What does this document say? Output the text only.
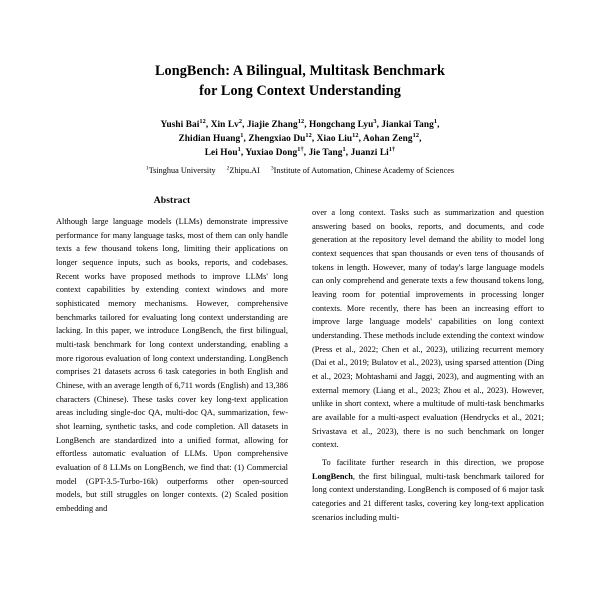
LongBench: A Bilingual, Multitask Benchmark
for Long Context Understanding
Yushi Bai$^{12}$, Xin Lv$^2$, Jiajie Zhang$^{12}$, Hongchang Lyu$^3$, Jiankai Tang$^1$,
Zhidian Huang$^1$, Zhengxiao Du$^{12}$, Xiao Liu$^{12}$, Aohan Zeng$^{12}$,
Lei Hou$^1$, Yuxiao Dong$^{1\dagger}$, Jie Tang$^1$, Juanzi $Li^{1\dagger}$
$^1$Tsinghua University $^2$Zhipu.AI $^3$Institute of Automation, Chinese Academy of Sciences
Abstract

Although large language models (LLMs) demonstrate impressive performance for many language tasks, most of them can only handle texts a few thousand tokens long, limiting their applications on longer sequence inputs, such as books, reports, and codebases. Recent works have proposed methods to improve LLMs' long context capabilities by extending context windows and more sophisticated memory mechanisms. However, comprehensive benchmarks tailored for evaluating long context understanding are lacking. In this paper, we introduce LongBench, the first bilingual, multi-task benchmark for long context understanding, enabling a more rigorous evaluation of long context understanding. LongBench comprises 21 datasets across 6 task categories in both English and Chinese, with an average length of 6,711 words (English) and 13,386 characters (Chinese). These tasks cover key long-text application areas including single-doc QA, multi-doc QA, summarization, few-shot learning, synthetic tasks, and code completion. All datasets in LongBench are standardized into a unified format, allowing for effortless automatic evaluation of LLMs. Upon comprehensive evaluation of 8 LLMs on LongBench, we find that: (1) Commercial model (GPT-3.5-Turbo-16k) outperforms other open-sourced models, but still struggles on longer contexts. (2) Scaled position embedding and

over a long context. Tasks such as summarization and question answering based on books, reports, and documents, and code generation at the repository level demand the ability to model long context sequences that span thousands or even tens of thousands of tokens in length. However, many of today's large language models can only comprehend and generate texts a few thousand tokens long, leaving room for potential improvements in processing longer contexts. More recently, there has been an increasing effort to improve large language models' capabilities on long context understanding. These methods include extending the context window (Press et al., 2022; Chen et al., 2023), utilizing recurrent memory (Dai et al., 2019; Bulatov et al., 2023), using sparsed attention (Ding et al., 2023; Mohtashami and Jaggi, 2023), and augmenting with an external memory (Liang et al., 2023; Zhou et al., 2023). However, unlike in short context, where a multitude of multi-task benchmarks are available for a multi-aspect evaluation (Hendrycks et al., 2021; Srivastava et al., 2023), there is no such benchmark on longer context.

To facilitate further research in this direction, we propose LongBench, the first bilingual, multi-task benchmark tailored for long context understanding. LongBench is composed of 6 major task categories and 21 different tasks, covering key long-text application scenarios including multi-
